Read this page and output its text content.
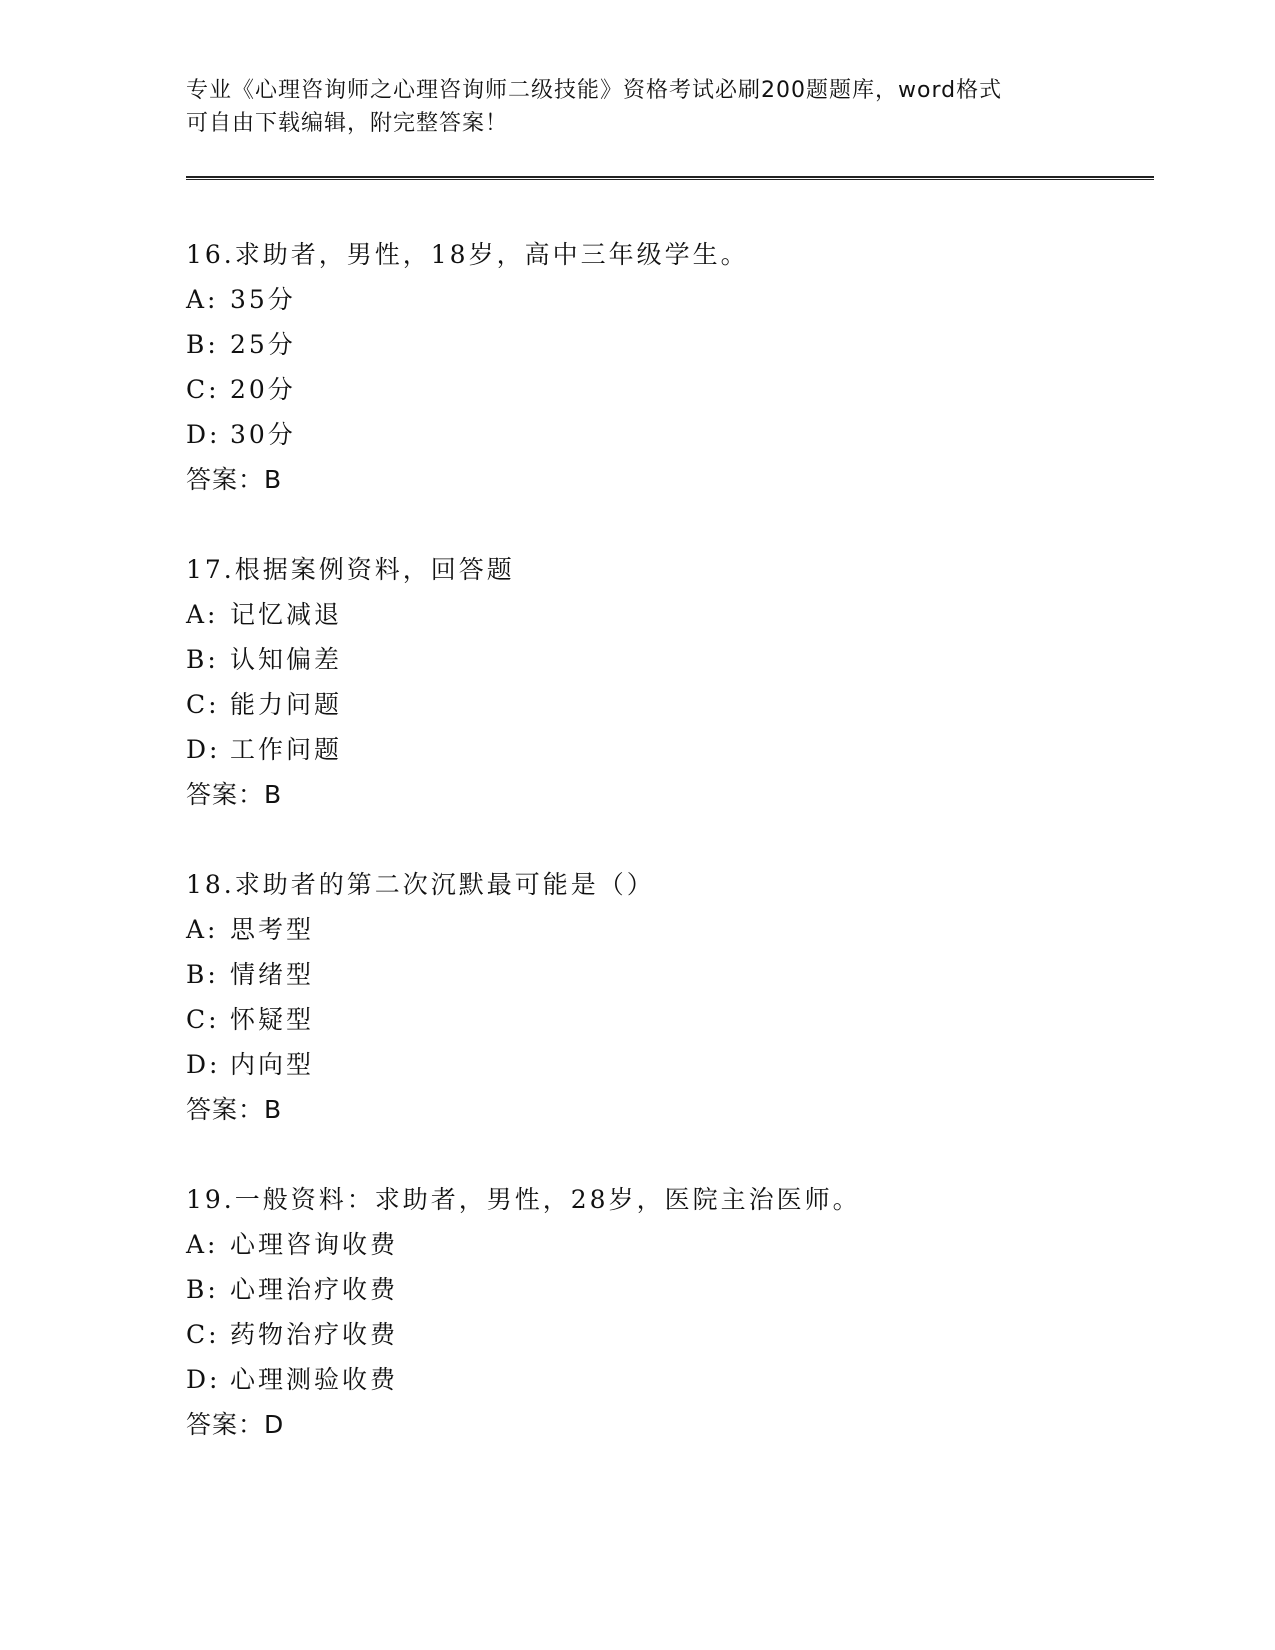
专业《心理咨询师之心理咨询师二级技能》资格考试必刷200题题库，word格式

可自由下载编辑，附完整答案！

16.求助者，男性，18岁，高中三年级学生。
A: 35分
B: 25分
C: 20分
D: 30分
答案：B
17.根据案例资料，回答题
A: 记忆减退
B: 认知偏差
C: 能力问题
D: 工作问题
答案：B
18.求助者的第二次沉默最可能是（）
A: 思考型
B: 情绪型
C: 怀疑型
D: 内向型
答案：B
19.一般资料：求助者，男性，28岁，医院主治医师。
A: 心理咨询收费
B: 心理治疗收费
C: 药物治疗收费
D: 心理测验收费
答案：D
